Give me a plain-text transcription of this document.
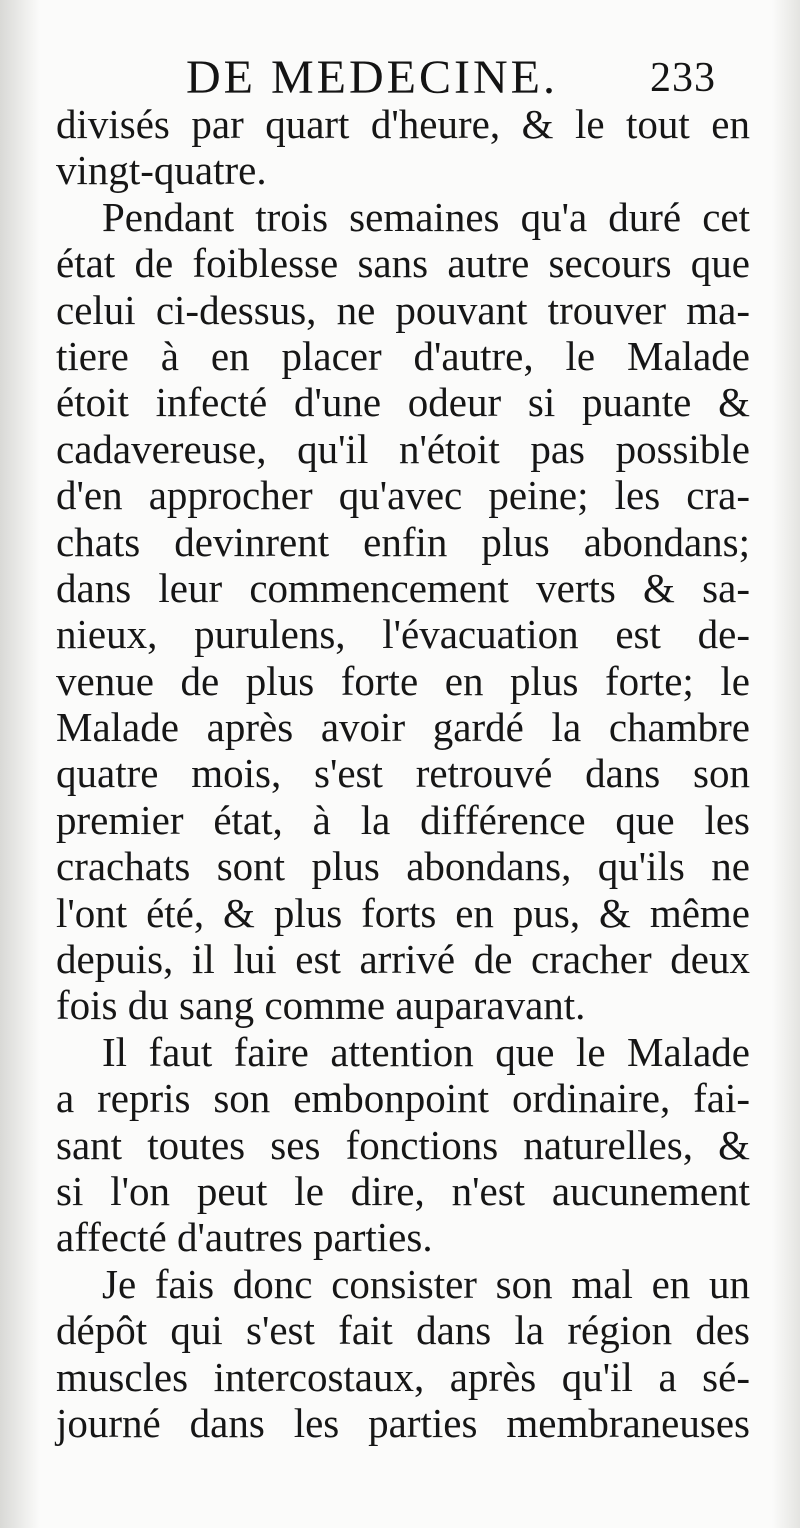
DE MEDECINE. 233
divisés par quart d'heure, & le tout en
vingt-quatre.
Pendant trois semaines qu'a duré cet
état de foiblesse sans autre secours que
celui ci-dessus, ne pouvant trouver ma-
tiere à en placer d'autre, le Malade
étoit infecté d'une odeur si puante &
cadavereuse, qu'il n'étoit pas possible
d'en approcher qu'avec peine; les cra-
chats devinrent enfin plus abondans;
dans leur commencement verts & sa-
nieux, purulens, l'évacuation est de-
venue de plus forte en plus forte; le
Malade après avoir gardé la chambre
quatre mois, s'est retrouvé dans son
premier état, à la différence que les
crachats sont plus abondans, qu'ils ne
l'ont été, & plus forts en pus, & même
depuis, il lui est arrivé de cracher deux
fois du sang comme auparavant.
Il faut faire attention que le Malade
a repris son embonpoint ordinaire, fai-
sant toutes ses fonctions naturelles, &
si l'on peut le dire, n'est aucunement
affecté d'autres parties.
Je fais donc consister son mal en un
dépôt qui s'est fait dans la région des
muscles intercostaux, après qu'il a sé-
journé dans les parties membraneuses
